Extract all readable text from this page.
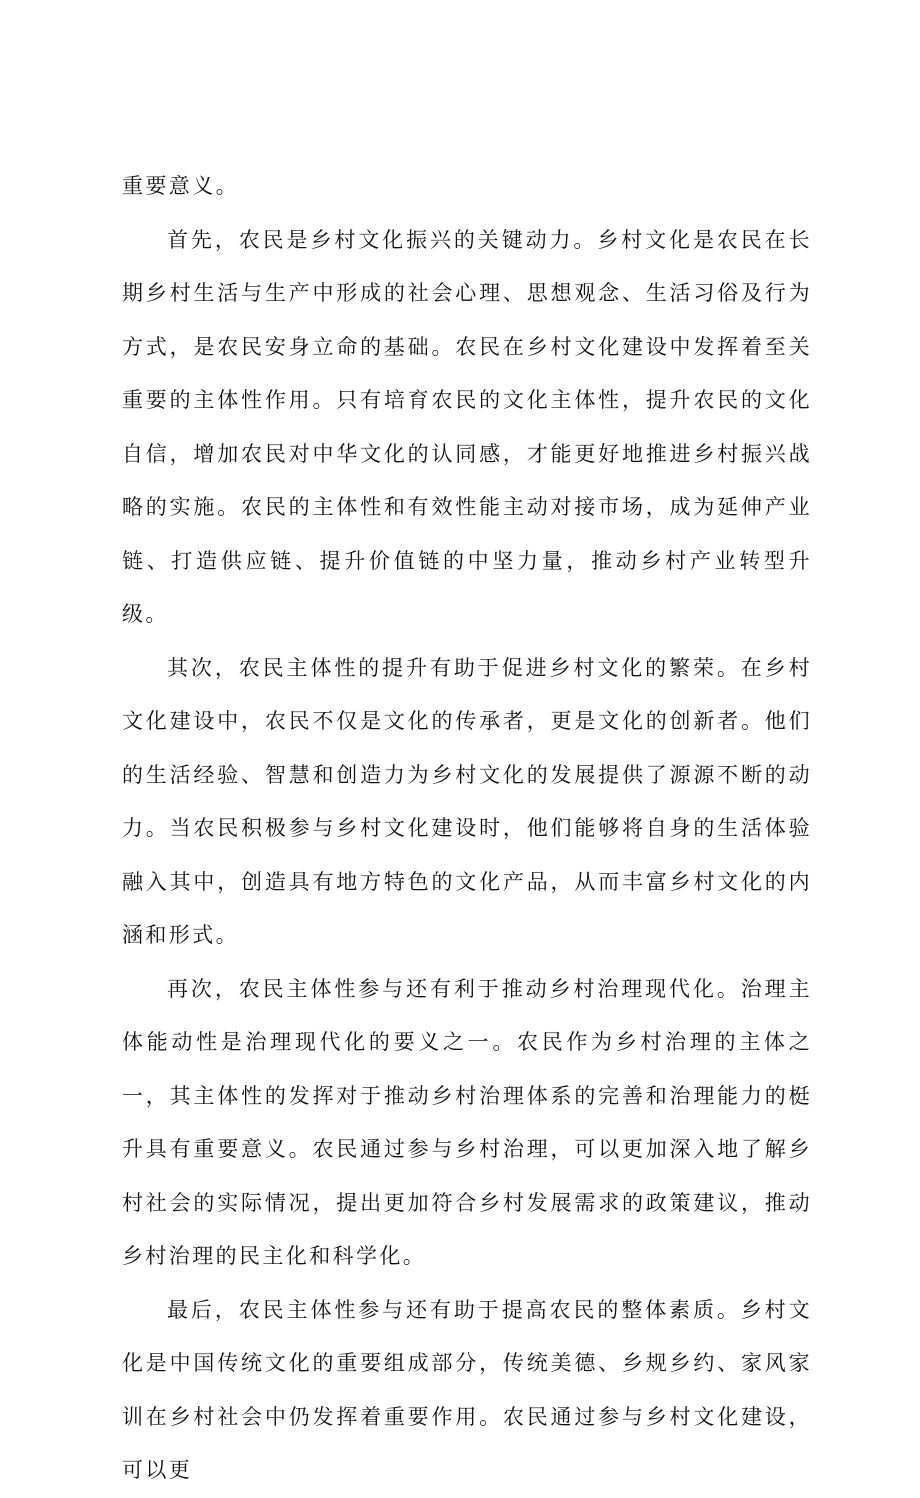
重要意义。

首先，农民是乡村文化振兴的关键动力。乡村文化是农民在长期乡村生活与生产中形成的社会心理、思想观念、生活习俗及行为方式，是农民安身立命的基础。农民在乡村文化建设中发挥着至关重要的主体性作用。只有培育农民的文化主体性，提升农民的文化自信，增加农民对中华文化的认同感，才能更好地推进乡村振兴战略的实施。农民的主体性和有效性能主动对接市场，成为延伸产业链、打造供应链、提升价值链的中坚力量，推动乡村产业转型升级。

其次，农民主体性的提升有助于促进乡村文化的繁荣。在乡村文化建设中，农民不仅是文化的传承者，更是文化的创新者。他们的生活经验、智慧和创造力为乡村文化的发展提供了源源不断的动力。当农民积极参与乡村文化建设时，他们能够将自身的生活体验融入其中，创造具有地方特色的文化产品，从而丰富乡村文化的内涵和形式。

再次，农民主体性参与还有利于推动乡村治理现代化。治理主体能动性是治理现代化的要义之一。农民作为乡村治理的主体之一，其主体性的发挥对于推动乡村治理体系的完善和治理能力的梃升具有重要意义。农民通过参与乡村治理，可以更加深入地了解乡村社会的实际情况，提出更加符合乡村发展需求的政策建议，推动乡村治理的民主化和科学化。

最后，农民主体性参与还有助于提高农民的整体素质。乡村文化是中国传统文化的重要组成部分，传统美德、乡规乡约、家风家训在乡村社会中仍发挥着重要作用。农民通过参与乡村文化建设，可以更
